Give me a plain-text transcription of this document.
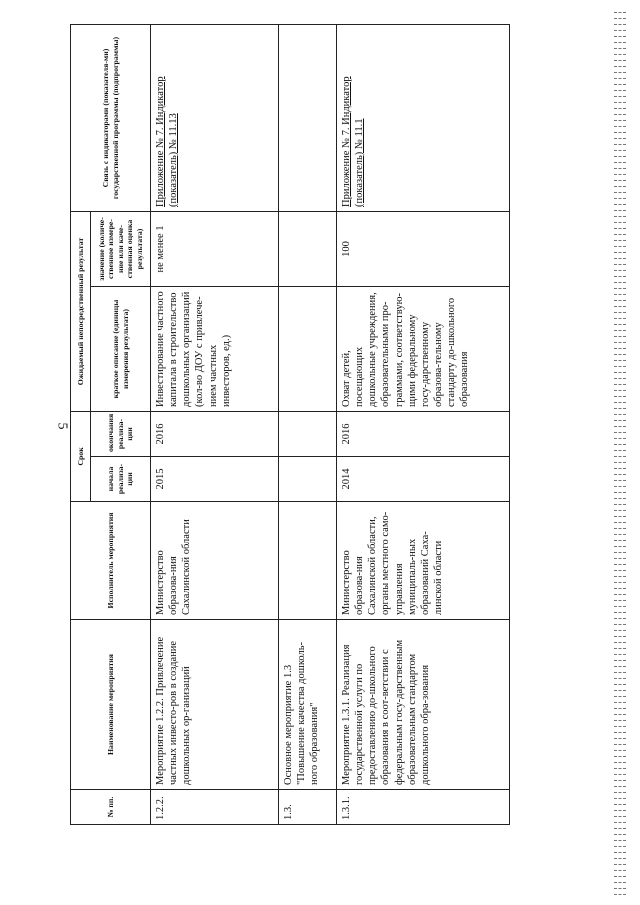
5
№ пп.	Наименование мероприятия	Исполнитель мероприятия	Срок		Ожидаемый непосредственный результат		Связь с индикаторами (показателя-ми) государственной программы (подпрограммы)
			начала реализа-ции	окончания реализа-ции	краткое описание (единицы измерения результата)	значение (количе-ственное измере-ние или каче-ственная оценка результата)	
1.2.2.	Мероприятие 1.2.2. Привлечение частных инвесто-ров в создание дошкольных ор-ганизаций	Министерство образова-ния Сахалинской области	2015	2016	Инвестирование частного капитала в строительство дошкольных организаций (кол-во ДОУ с привлече-нием частных инвесторов, ед.)	не менее 1	Приложение № 7. Индикатор (показатель) № 11.13
1.3.	Основное мероприятие 1.3 "Повышение качества дошколь-ного образования"						
1.3.1.	Мероприятие 1.3.1. Реализация государственной услуги по предоставлению до-школьного образования в соот-ветствии с федеральным госу-дарственным образовательным стандартом дошкольного обра-зования	Министерство образова-ния Сахалинской области, органы местного само-управления муниципаль-ных образований Саха-линской области	2014	2016	Охват детей, посещающих дошкольные учреждения, образовательными про-граммами, соответствую-щими федеральному госу-дарственному образова-тельному стандарту до-школьного образования	100	Приложение № 7. Индикатор (показатель) № 11.1
